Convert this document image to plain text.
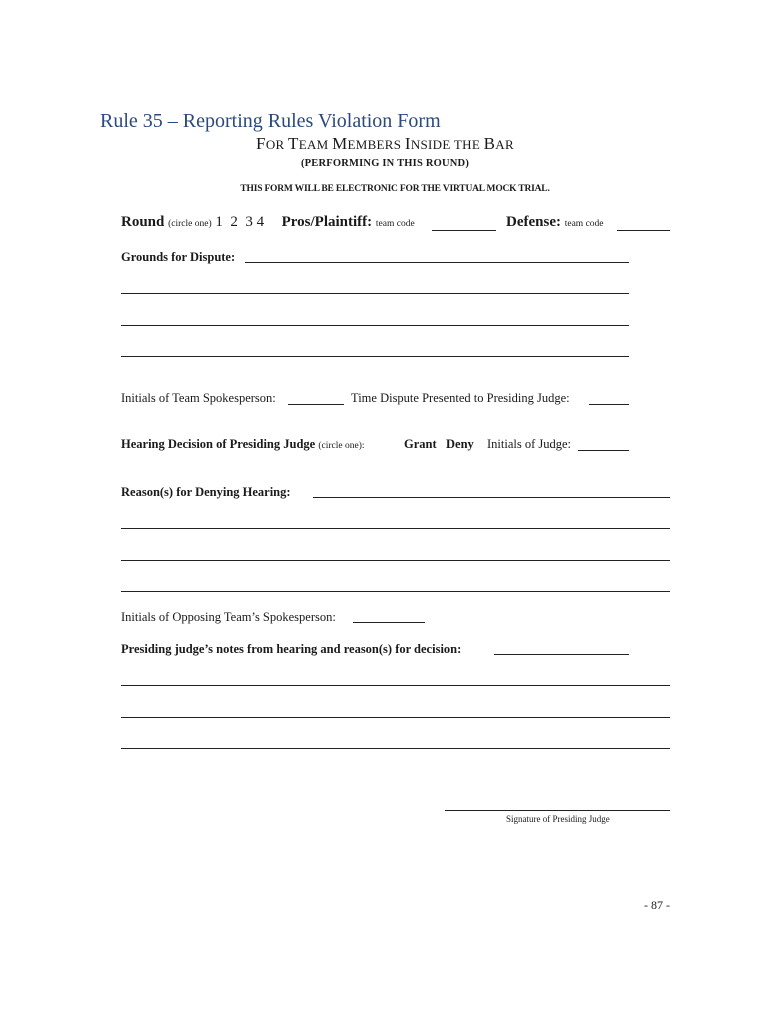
Rule 35 – Reporting Rules Violation Form
FOR TEAM MEMBERS INSIDE THE BAR
(PERFORMING IN THIS ROUND)
THIS FORM WILL BE ELECTRONIC FOR THE VIRTUAL MOCK TRIAL.
Round (circle one) 1  2  3 4 Pros/Plaintiff: team code	Defense: team code
Grounds for Dispute:
Initials of Team Spokesperson:	Time Dispute Presented to Presiding Judge:
Hearing Decision of Presiding Judge (circle one):	Grant Deny Initials of Judge:
Reason(s) for Denying Hearing:
Initials of Opposing Team’s Spokesperson:
Presiding judge’s notes from hearing and reason(s) for decision:
Signature of Presiding Judge
- 87 -
